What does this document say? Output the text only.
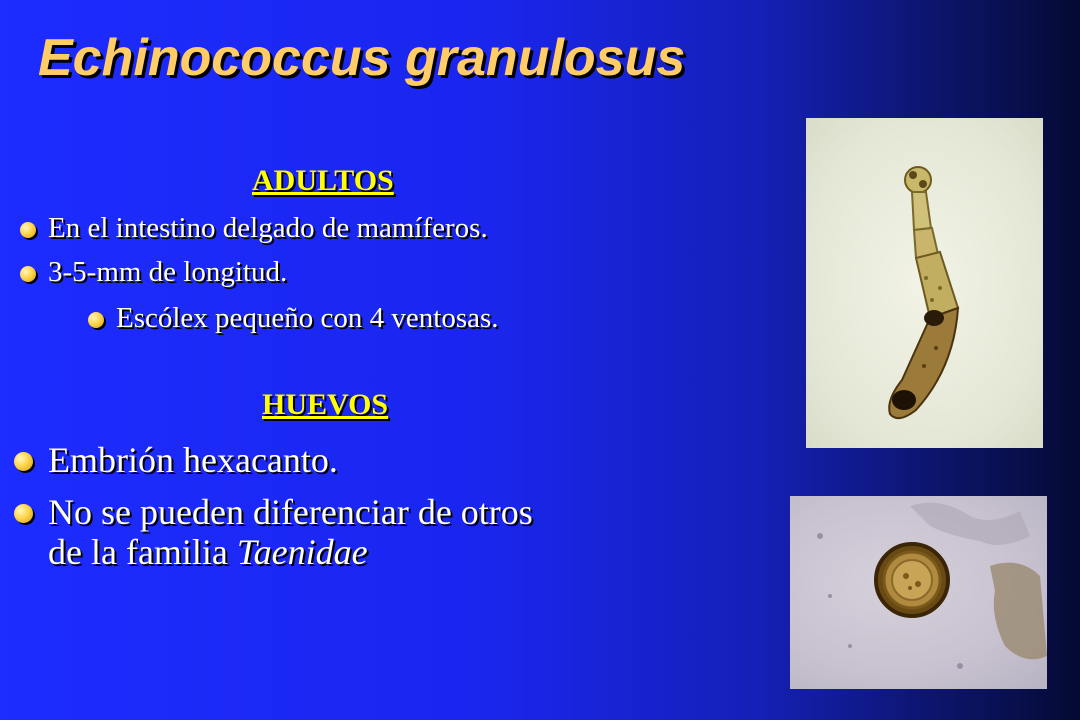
Echinococcus granulosus
ADULTOS
En el intestino delgado de mamíferos.
3-5-mm de longitud.
Escólex pequeño con 4 ventosas.
HUEVOS
Embrión hexacanto.
No se pueden diferenciar de otros
de la familia Taenidae
